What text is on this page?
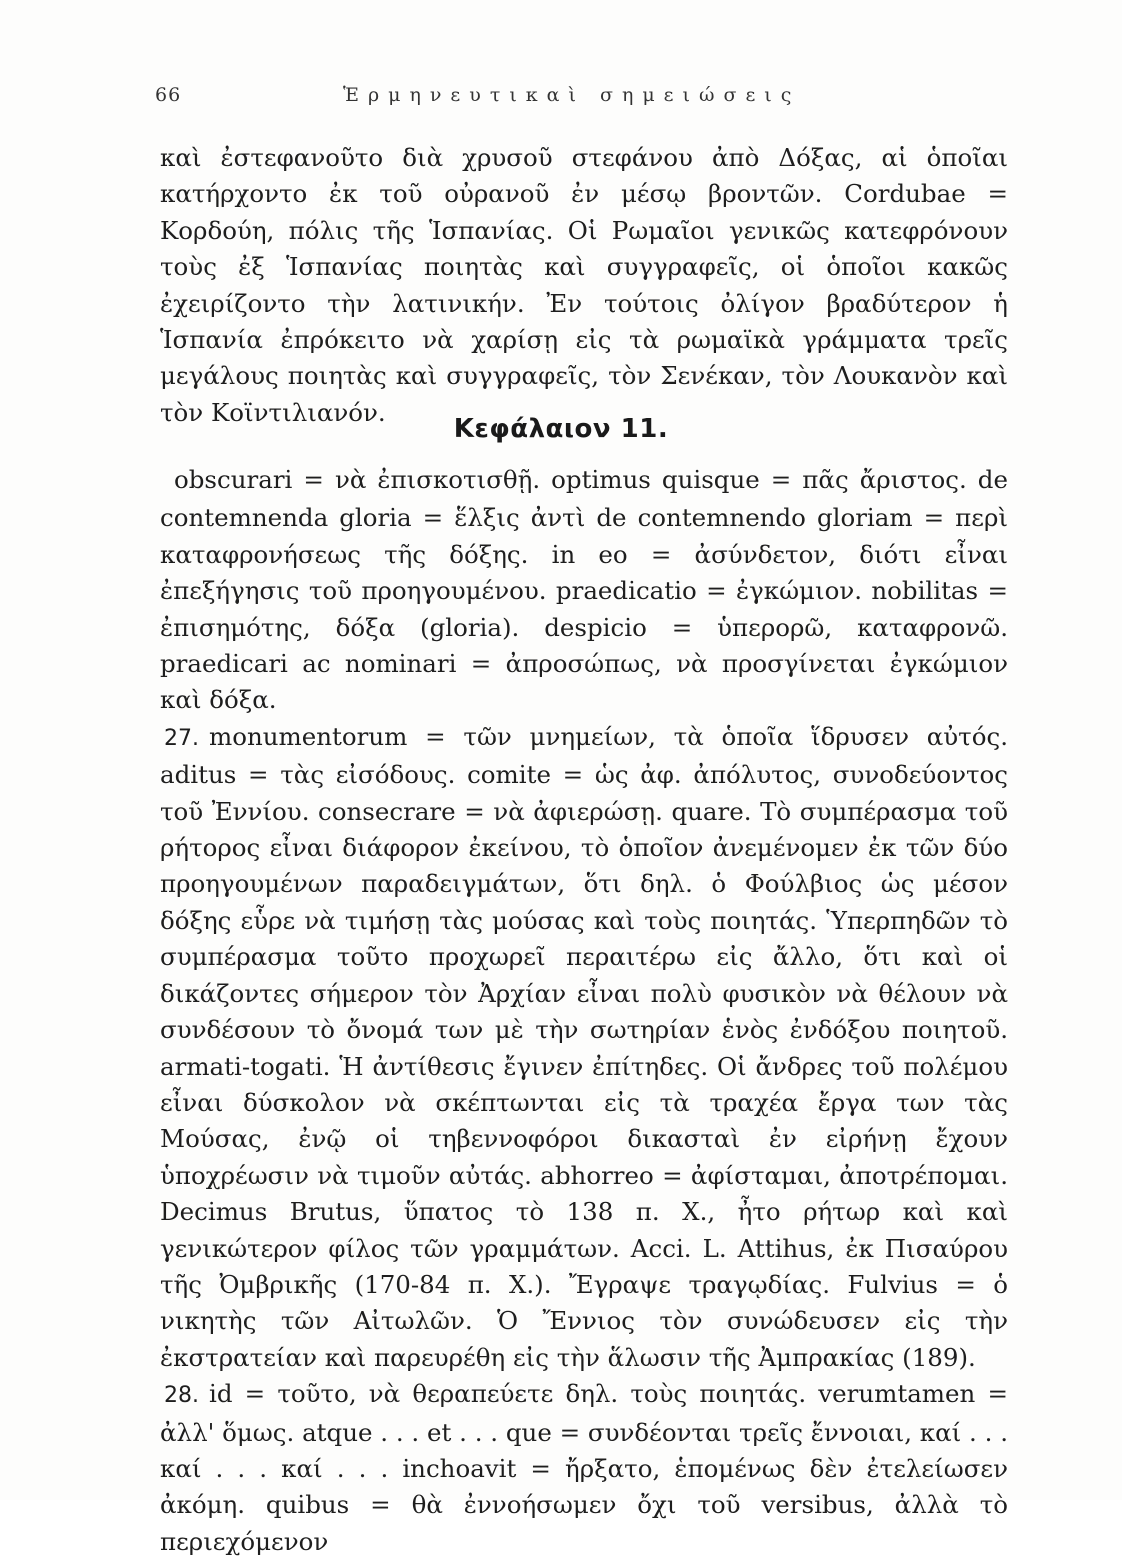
66	Ἑρμηνευτικαὶ σημειώσεις

καὶ ἐστεφανοῦτο διὰ χρυσοῦ στεφάνου ἀπὸ Δόξας, αἱ ὁποῖαι κατήρχοντο ἐκ τοῦ οὐρανοῦ ἐν μέσῳ βροντῶν. Cordubae = Κορδούη, πόλις τῆς Ἱσπανίας. Οἱ Ρωμαῖοι γενικῶς κατεφρόνουν τοὺς ἐξ Ἱσπανίας ποιητὰς καὶ συγγραφεῖς, οἱ ὁποῖοι κακῶς ἐχειρίζοντο τὴν λατινικήν. Ἐν τούτοις ὀλίγον βραδύτερον ἡ Ἱσπανία ἐπρόκειτο νὰ χαρίσῃ εἰς τὰ ρωμαϊκὰ γράμματα τρεῖς μεγάλους ποιητὰς καὶ συγγραφεῖς, τὸν Σενέκαν, τὸν Λουκανὸν καὶ τὸν Κοϊντιλιανόν.

Κεφάλαιον 11.

obscurari = νὰ ἐπισκοτισθῇ. optimus quisque = πᾶς ἄριστος. de contemnenda gloria = ἕλξις ἀντὶ de contemnendo gloriam = περὶ καταφρονήσεως τῆς δόξης. in eo = ἀσύνδετον, διότι εἶναι ἐπεξήγησις τοῦ προηγουμένου. praedicatio = ἐγκώμιον. nobilitas = ἐπισημότης, δόξα (gloria). despicio = ὑπερορῶ, καταφρονῶ. praedicari ac nominari = ἀπροσώπως, νὰ προσγίνεται ἐγκώμιον καὶ δόξα.

27. monumentorum = τῶν μνημείων, τὰ ὁποῖα ἵδρυσεν αὐτός. aditus = τὰς εἰσόδους. comite = ὡς ἀφ. ἀπόλυτος, συνοδεύοντος τοῦ Ἐννίου. consecrare = νὰ ἀφιερώσῃ. quare. Τὸ συμπέρασμα τοῦ ρήτορος εἶναι διάφορον ἐκείνου, τὸ ὁποῖον ἀνεμένομεν ἐκ τῶν δύο προηγουμένων παραδειγμάτων, ὅτι δηλ. ὁ Φούλβιος ὡς μέσον δόξης εὗρε νὰ τιμήσῃ τὰς μούσας καὶ τοὺς ποιητάς. Ὑπερπηδῶν τὸ συμπέρασμα τοῦτο προχωρεῖ περαιτέρω εἰς ἄλλο, ὅτι καὶ οἱ δικάζοντες σήμερον τὸν Ἀρχίαν εἶναι πολὺ φυσικὸν νὰ θέλουν νὰ συνδέσουν τὸ ὄνομά των μὲ τὴν σωτηρίαν ἑνὸς ἐνδόξου ποιητοῦ. armati-togati. Ἡ ἀντίθεσις ἔγινεν ἐπίτηδες. Οἱ ἄνδρες τοῦ πολέμου εἶναι δύσκολον νὰ σκέπτωνται εἰς τὰ τραχέα ἔργα των τὰς Μούσας, ἐνῷ οἱ τηβεννοφόροι δικασταὶ ἐν εἰρήνῃ ἔχουν ὑποχρέωσιν νὰ τιμοῦν αὐτάς. abhorreo = ἀφίσταμαι, ἀποτρέπομαι. Decimus Brutus, ὕπατος τὸ 138 π. Χ., ἦτο ρήτωρ καὶ καὶ γενικώτερον φίλος τῶν γραμμάτων. Acci. L. Attihus, ἐκ Πισαύρου τῆς Ὀμβρικῆς (170-84 π. Χ.). Ἔγραψε τραγῳδίας. Fulvius = ὁ νικητὴς τῶν Αἰτωλῶν. Ὁ Ἔννιος τὸν συνώδευσεν εἰς τὴν ἐκστρατείαν καὶ παρευρέθη εἰς τὴν ἅλωσιν τῆς Ἀμπρακίας (189).

28. id = τοῦτο, νὰ θεραπεύετε δηλ. τοὺς ποιητάς. verumtamen = ἀλλ' ὅμως. atque . . . et . . . que = συνδέονται τρεῖς ἔννοιαι, καί . . . καί . . . καί . . . inchoavit = ἤρξατο, ἑπομένως δὲν ἐτελείωσεν ἀκόμη. quibus = θὰ ἐννοήσωμεν ὄχι τοῦ versibus, ἀλλὰ τὸ περιεχόμενον
